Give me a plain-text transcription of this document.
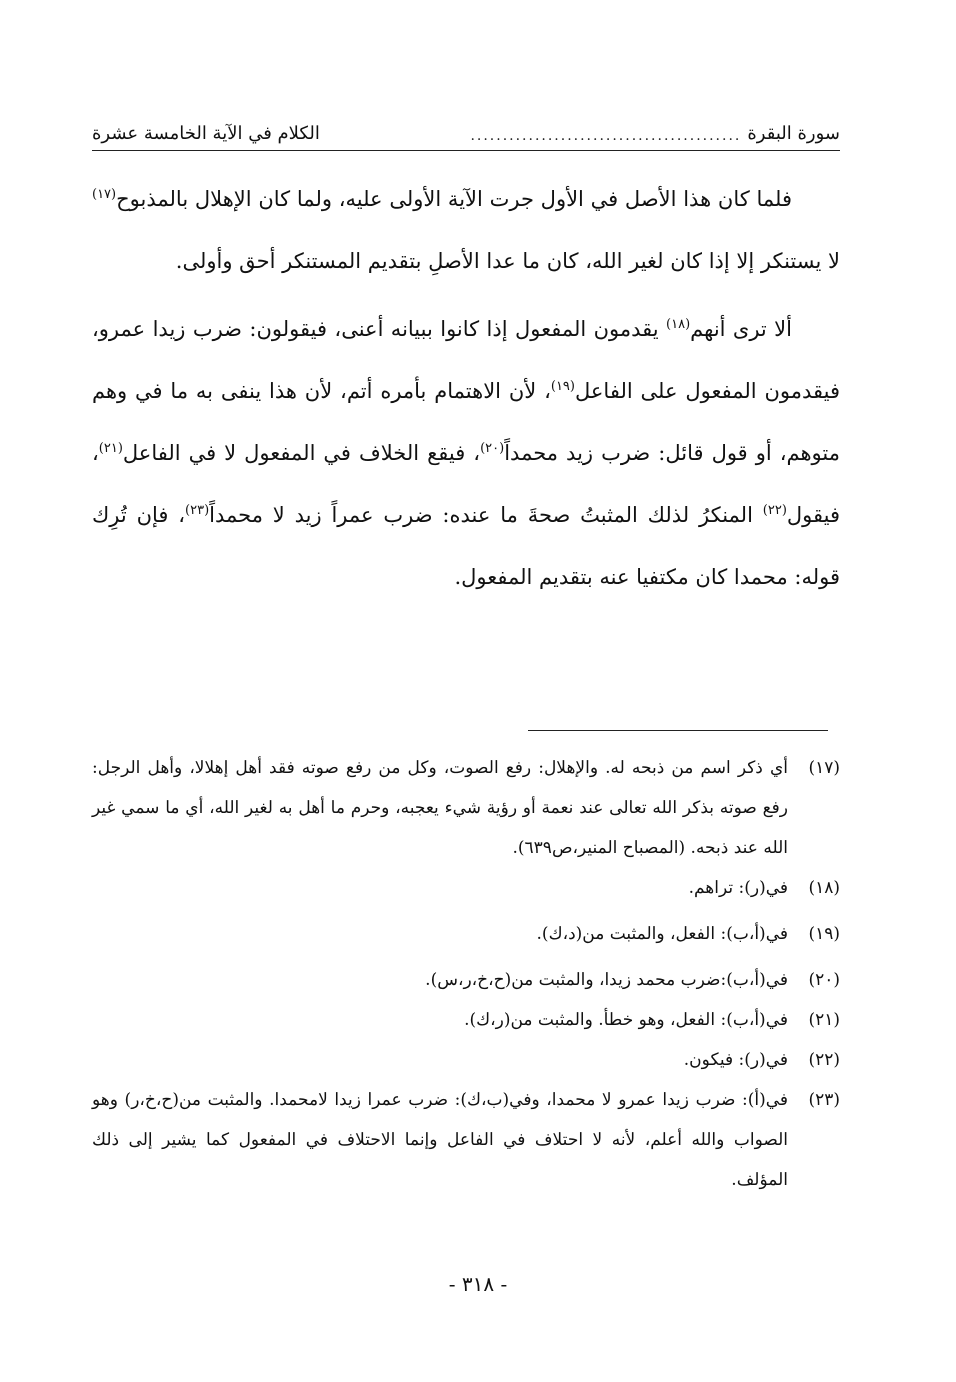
سورة البقرة
..........................................
الكلام في الآية الخامسة عشرة

فلما كان هذا الأصل في الأول جرت الآية الأولى عليه، ولما كان الإهلال بالمذبوح$^{(١٧)}$ لا يستنكر إلا إذا كان لغير الله، كان ما عدا الأصلِ بتقديم المستنكر أحق وأولى.

ألا ترى أنهم$^{(١٨)}$ يقدمون المفعول إذا كانوا ببيانه أعنى، فيقولون: ضرب زيدا عمرو، فيقدمون المفعول على الفاعل$^{(١٩)}$، لأن الاهتمام بأمره أتم، لأن هذا ينفى به ما في وهم متوهم، أو قول قائل: ضرب زيد محمداً$^{(٢٠)}$، فيقع الخلاف في المفعول لا في الفاعل$^{(٢١)}$، فيقول$^{(٢٢)}$ المنكرُ لذلك المثبتُ صحةَ ما عنده: ضرب عمراً زيد لا محمداً$^{(٢٣)}$، فإن تُرِك قوله: محمدا كان مكتفيا عنه بتقديم المفعول.

(١٧)
أي ذكر اسم من ذبحه له. والإهلال: رفع الصوت، وكل من رفع صوته فقد أهل إهلالا، وأهل الرجل: رفع صوته بذكر الله تعالى عند نعمة أو رؤية شيء يعجبه، وحرم ما أهل به لغير الله، أي ما سمي غير الله عند ذبحه. (المصباح المنير،ص٦٣٩).
(١٨)
في(ر): تراهم.
(١٩)
في(أ،ب): الفعل، والمثبت من(د،ك).
(٢٠)
في(أ،ب):ضرب محمد زيدا، والمثبت من(ح،خ،ر،س).
(٢١)
في(أ،ب): الفعل، وهو خطأ. والمثبت من(ر،ك).
(٢٢)
في(ر): فيكون.
(٢٣)
في(أ): ضرب زيدا عمرو لا محمدا، وفي(ب،ك): ضرب عمرا زيدا لامحمدا. والمثبت من(ح،خ،ر) وهو الصواب والله أعلم، لأنه لا احتلاف في الفاعل وإنما الاحتلاف في المفعول كما يشير إلى ذلك المؤلف.
- ٣١٨ -
